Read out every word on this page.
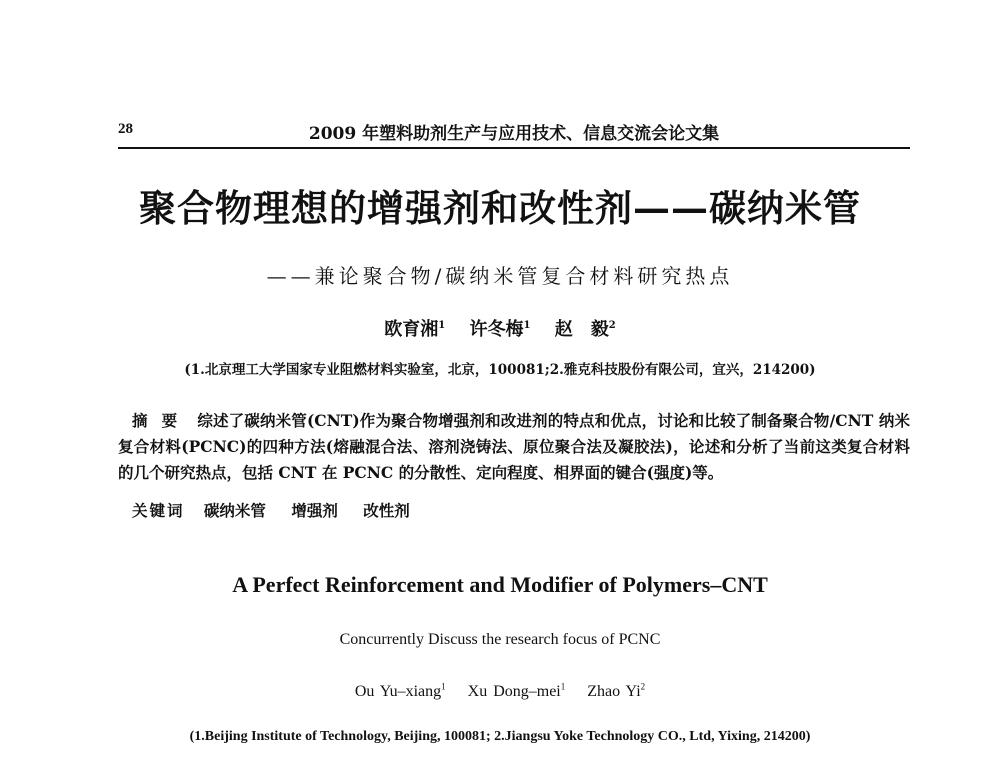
28	2009 年塑料助剂生产与应用技术、信息交流会论文集
聚合物理想的增强剂和改性剂——碳纳米管
——兼论聚合物/碳纳米管复合材料研究热点
欧育湘$^1$ 许冬梅$^1$ 赵　毅$^2$
(1.北京理工大学国家专业阻燃材料实验室，北京，100081;2.雅克科技股份有限公司，宜兴，214200)
摘要 综述了碳纳米管(CNT)作为聚合物增强剂和改进剂的特点和优点，讨论和比较了制备聚合物/CNT 纳米复合材料(PCNC)的四种方法(熔融混合法、溶剂浇铸法、原位聚合法及凝胶法)，论述和分析了当前这类复合材料的几个研究热点，包括 CNT 在 PCNC 的分散性、定向程度、相界面的键合(强度)等。
关键词 碳纳米管 增强剂 改性剂
A Perfect Reinforcement and Modifier of Polymers–CNT
Concurrently Discuss the research focus of PCNC
Ou Yu–xiang$^1$ Xu Dong–mei$^1$ Zhao Yi$^2$
(1.Beijing Institute of Technology, Beijing, 100081; 2.Jiangsu Yoke Technology CO., Ltd, Yixing, 214200)
